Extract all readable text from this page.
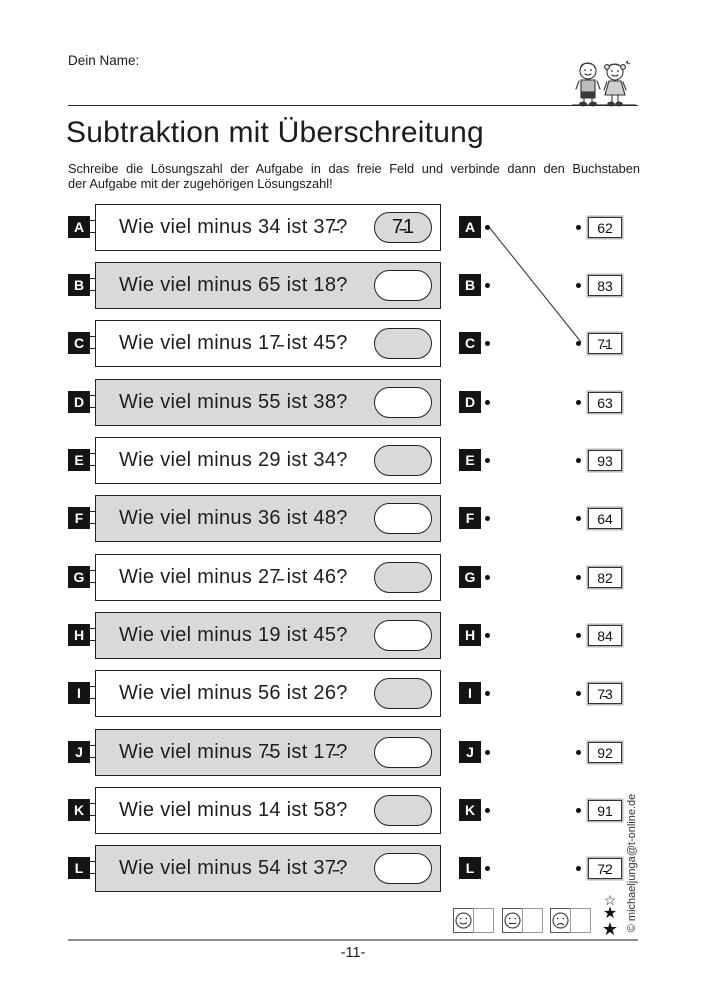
Dein Name:
Subtraktion mit Überschreitung
Schreibe die Lösungszahl der Aufgabe in das freie Feld und verbinde dann den Buchstaben
der Aufgabe mit der zugehörigen Lösungszahl!
A	Wie viel minus 34 ist 37̵?	7̵1
B	Wie viel minus 65 ist 18?
C	Wie viel minus 17̵ ist 45?
D	Wie viel minus 55 ist 38?
E	Wie viel minus 29 ist 34?
F	Wie viel minus 36 ist 48?
G	Wie viel minus 27̵ ist 46?
H	Wie viel minus 19 ist 45?
I	Wie viel minus 56 ist 26?
J	Wie viel minus 7̵5 ist 17̵?
K	Wie viel minus 14 ist 58?
L	Wie viel minus 54 ist 37̵?
A	62
B	83
C	7̵1
D	63
E	93
F	64
G	82
H	84
I	7̵3
J	92
K	91
L	7̵2
☆
★
★
-11-
© michaeljunga@t-online.de
